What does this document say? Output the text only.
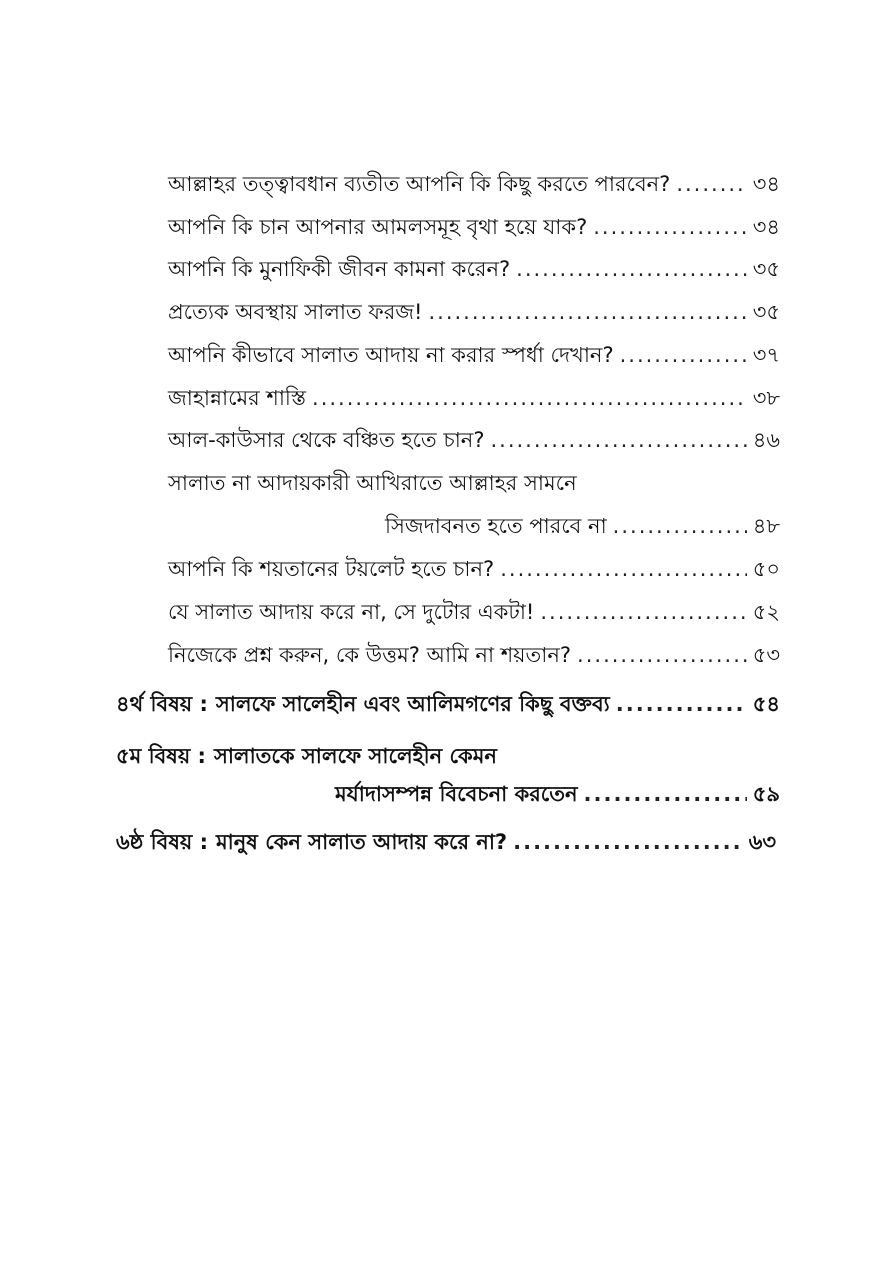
আল্লাহর তত্ত্বাবধান ব্যতীত আপনি কি কিছু করতে পারবেন? .....	৩৪
আপনি কি চান আপনার আমলসমূহ বৃথা হয়ে যাক? .....	৩৪
আপনি কি মুনাফিকী জীবন কামনা করেন? .....	৩৫
প্রত্যেক অবস্থায় সালাত ফরজ! .....	৩৫
আপনি কীভাবে সালাত আদায় না করার স্পর্ধা দেখান? .....	৩৭
জাহান্নামের শাস্তি .....	৩৮
আল-কাউসার থেকে বঞ্চিত হতে চান? .....	৪৬
সালাত না আদায়কারী আখিরাতে আল্লাহর সামনে
সিজদাবনত হতে পারবে না .....	৪৮
আপনি কি শয়তানের টয়লেট হতে চান? .....	৫০
যে সালাত আদায় করে না, সে দুটোর একটা! .....	৫২
নিজেকে প্রশ্ন করুন, কে উত্তম? আমি না শয়তান? .....	৫৩
৪র্থ বিষয় : সালফে সালেহীন এবং আলিমগণের কিছু বক্তব্য .....	৫৪
৫ম বিষয় : সালাতকে সালফে সালেহীন কেমন
মর্যাদাসম্পন্ন বিবেচনা করতেন .....	৫৯
৬ষ্ঠ বিষয় : মানুষ কেন সালাত আদায় করে না? .....	৬৩
